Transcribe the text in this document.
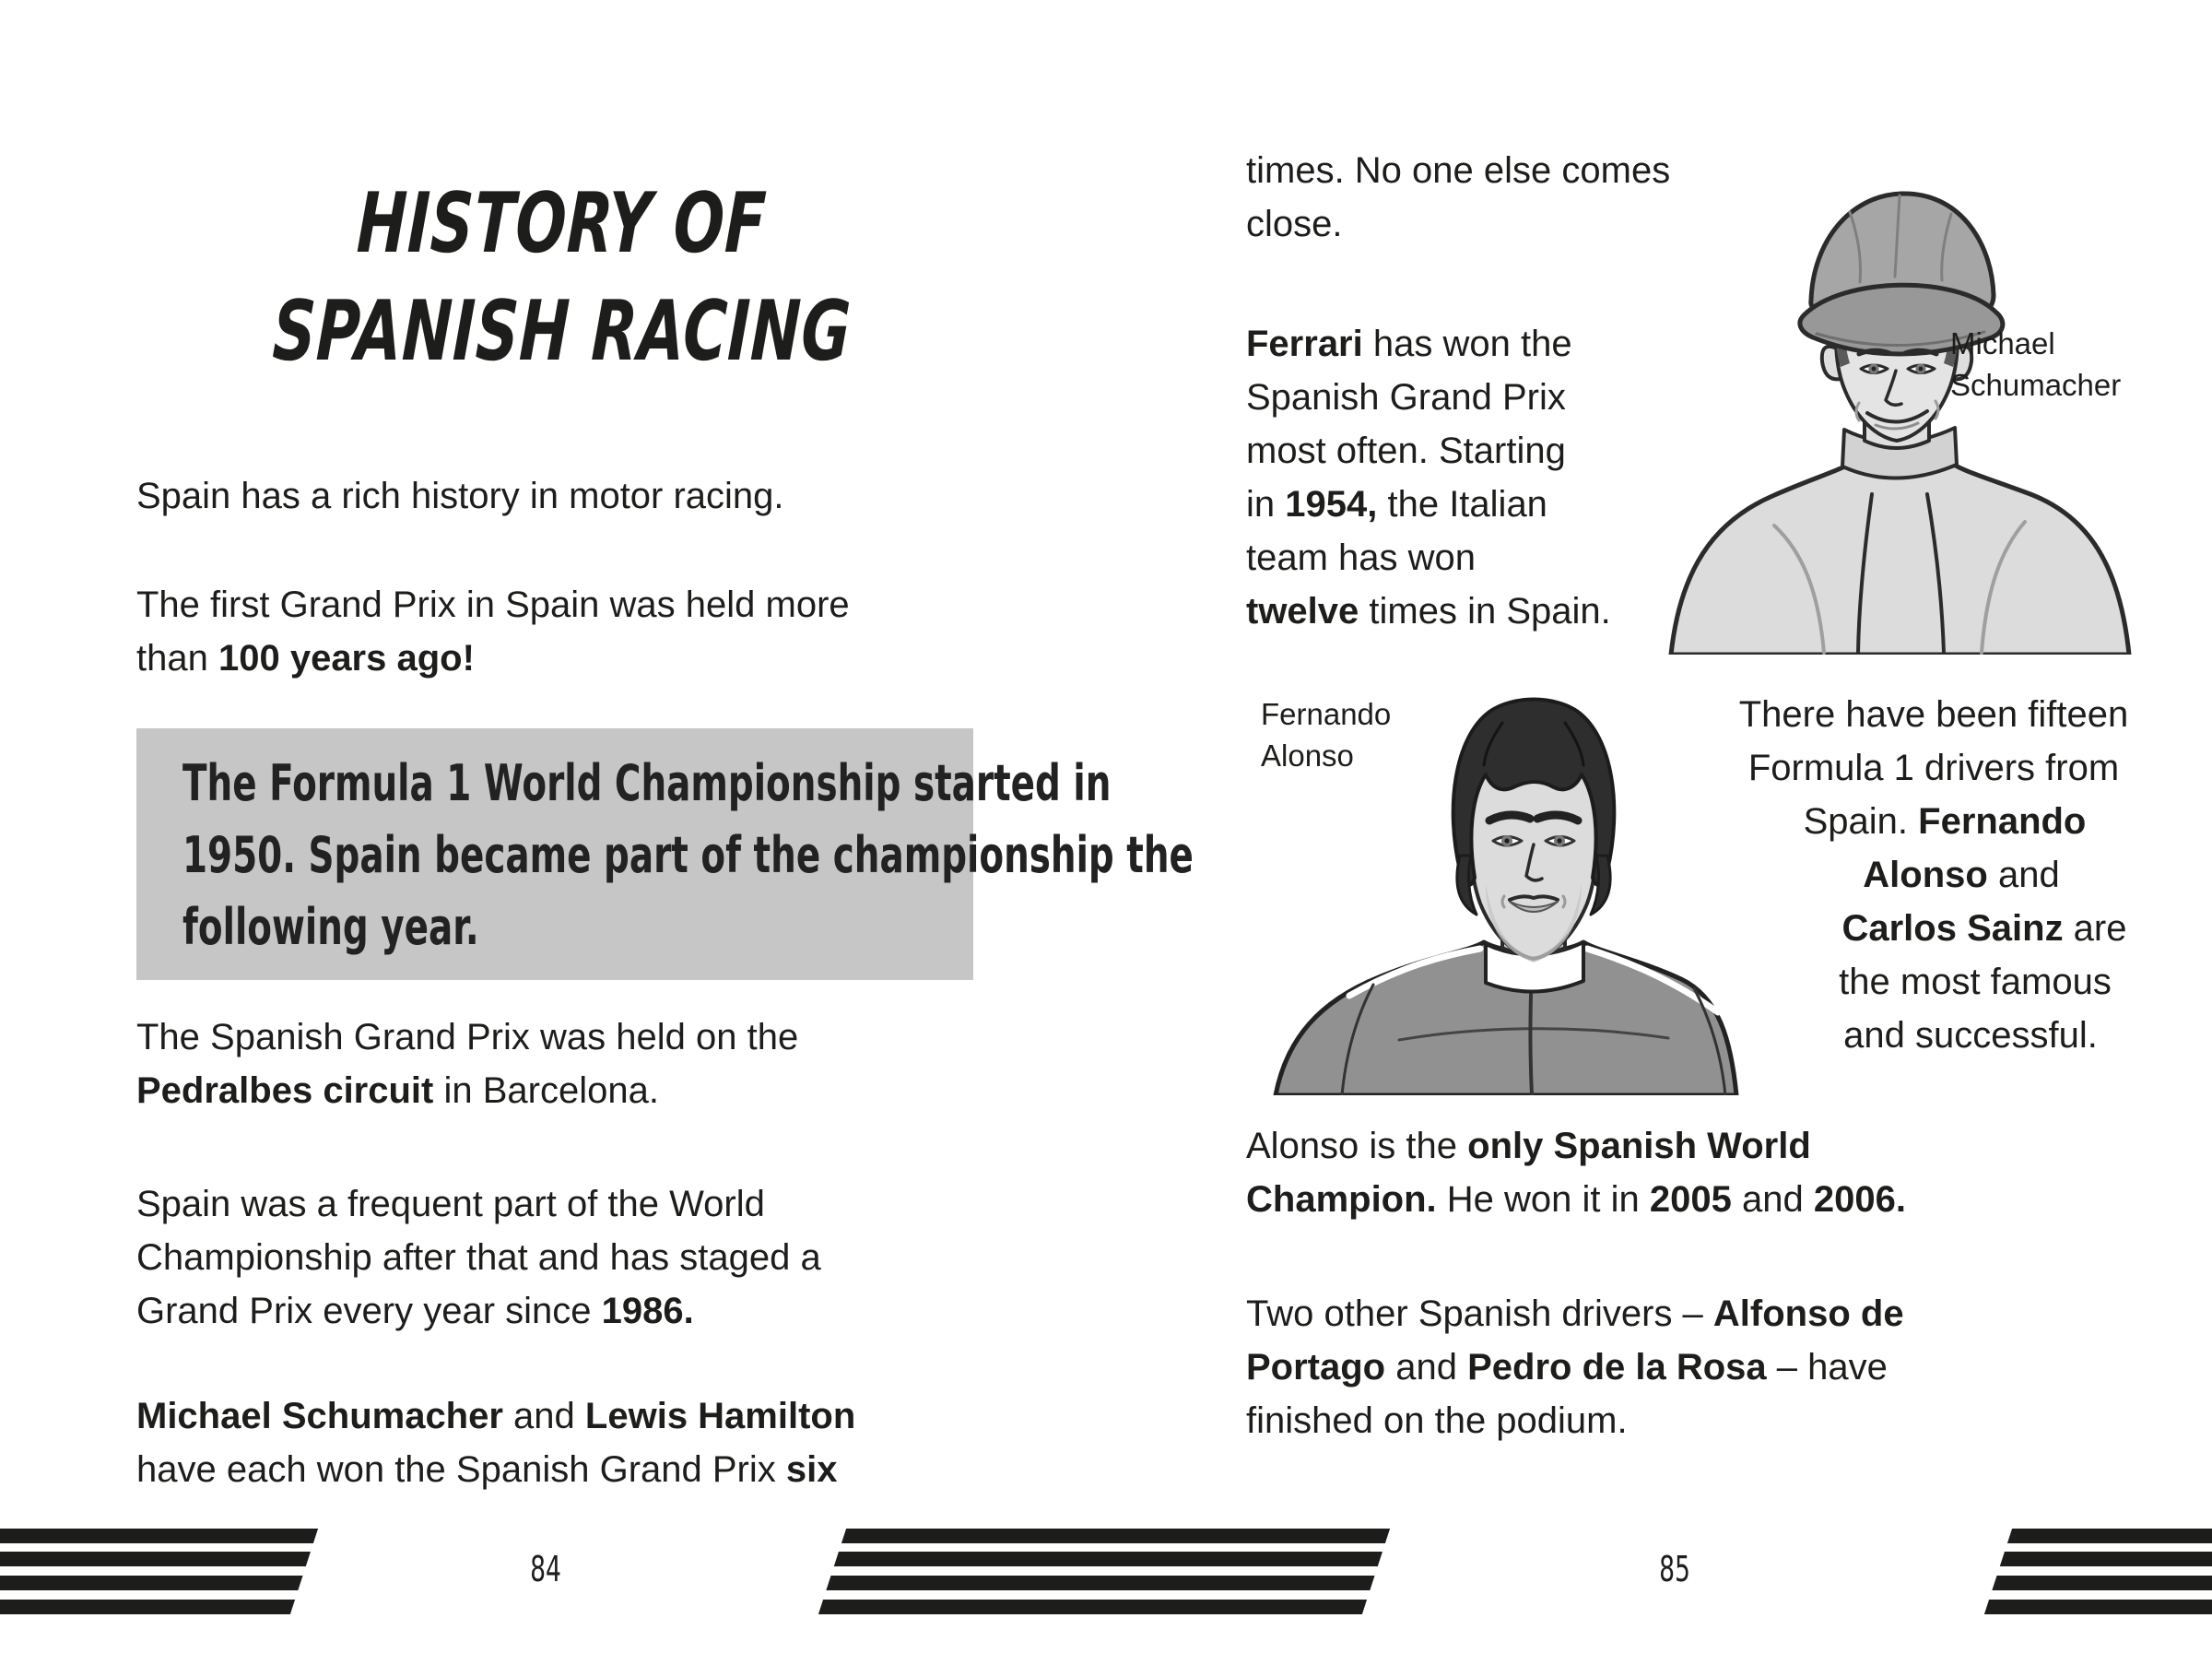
HISTORY OF
SPANISH RACING
Spain has a rich history in motor racing.
The first Grand Prix in Spain was held more
than 100 years ago!
The Formula 1 World Championship started in
1950. Spain became part of the championship the
following year.
The Spanish Grand Prix was held on the
Pedralbes circuit in Barcelona.
Spain was a frequent part of the World
Championship after that and has staged a
Grand Prix every year since 1986.
Michael Schumacher and Lewis Hamilton
have each won the Spanish Grand Prix six
84
times. No one else comes
close.
Ferrari has won the
Spanish Grand Prix
most often. Starting
in 1954, the Italian
team has won
twelve times in Spain.
Michael
Schumacher
Fernando
Alonso
There have been fifteen
Formula 1 drivers from
Spain. Fernando
Alonso and
Carlos Sainz are
the most famous
and successful.
Alonso is the only Spanish World
Champion. He won it in 2005 and 2006.
Two other Spanish drivers – Alfonso de
Portago and Pedro de la Rosa – have
finished on the podium.
85
